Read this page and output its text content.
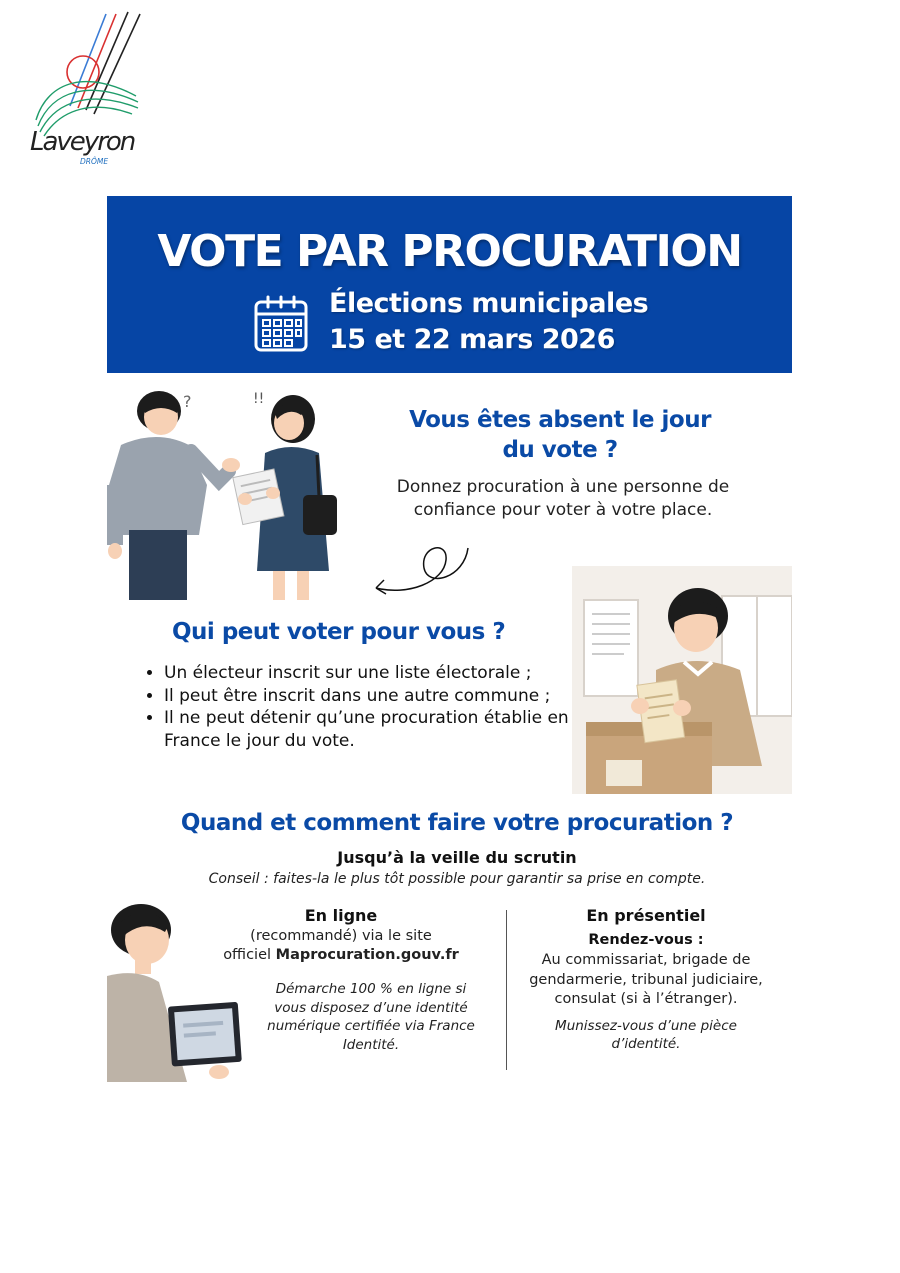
Laveyron
DRÔME
VOTE PAR PROCURATION
Élections municipales
15 et 22 mars 2026
?	!!
Vous êtes absent le jour du vote ?
Donnez procuration à une personne de confiance pour voter à votre place.
Qui peut voter pour vous ?
• Un électeur inscrit sur une liste électorale ;
• Il peut être inscrit dans une autre commune ;
• Il ne peut détenir qu’une procuration établie en France le jour du vote.
Quand et comment faire votre procuration ?
Jusqu’à la veille du scrutin
Conseil : faites-la le plus tôt possible pour garantir sa prise en compte.
En ligne
(recommandé) via le site
officiel Maprocuration.gouv.fr
Démarche 100 % en ligne si vous disposez d’une identité numérique certifiée via France Identité.
En présentiel
Rendez-vous :
Au commissariat, brigade de gendarmerie, tribunal judiciaire, consulat (si à l’étranger).
Munissez-vous d’une pièce d’identité.
